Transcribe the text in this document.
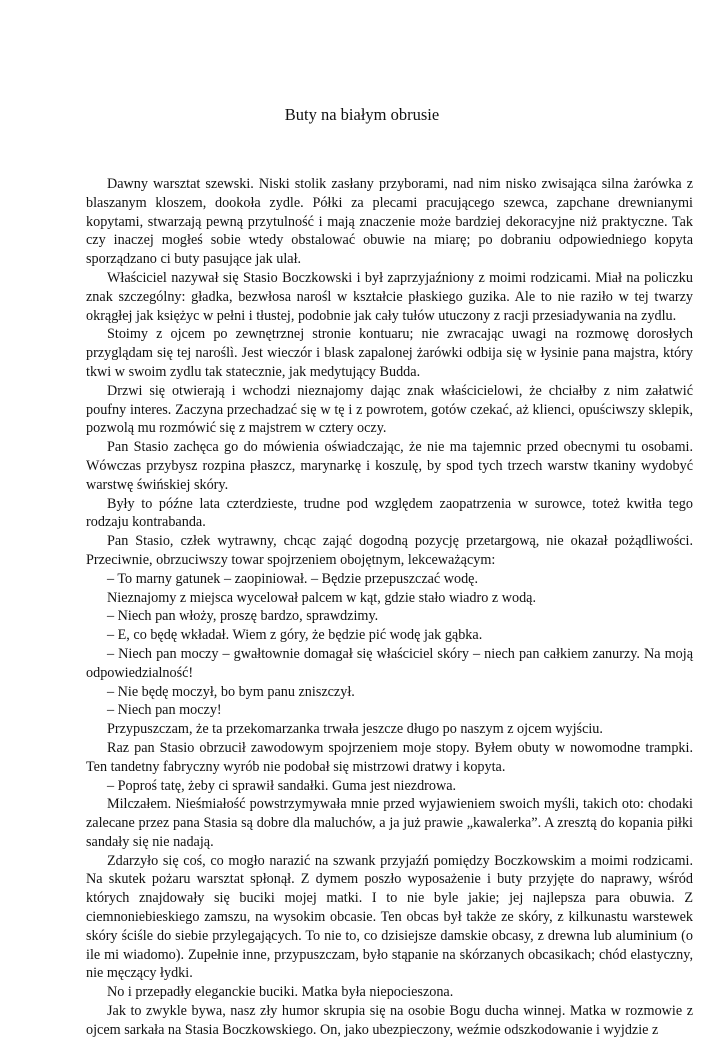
Buty na białym obrusie

Dawny warsztat szewski. Niski stolik zasłany przyborami, nad nim nisko zwisająca silna żarówka z blaszanym kloszem, dookoła zydle. Półki za plecami pracującego szewca, zapchane drewnianymi kopytami, stwarzają pewną przytulność i mają znaczenie może bardziej dekoracyjne niż praktyczne. Tak czy inaczej mogłeś sobie wtedy obstalować obuwie na miarę; po dobraniu odpowiedniego kopyta sporządzano ci buty pasujące jak ulał.

Właściciel nazywał się Stasio Boczkowski i był zaprzyjaźniony z moimi rodzicami. Miał na policzku znak szczególny: gładka, bezwłosa narośl w kształcie płaskiego guzika. Ale to nie raziło w tej twarzy okrągłej jak księżyc w pełni i tłustej, podobnie jak cały tułów utuczony z racji przesiadywania na zydlu.

Stoimy z ojcem po zewnętrznej stronie kontuaru; nie zwracając uwagi na rozmowę dorosłych przyglądam się tej naroślì. Jest wieczór i blask zapalonej żarówki odbija się w łysinie pana majstra, który tkwi w swoim zydlu tak statecznie, jak medytujący Budda.

Drzwi się otwierają i wchodzi nieznajomy dając znak właścicielowi, że chciałby z nim załatwić poufny interes. Zaczyna przechadzać się w tę i z powrotem, gotów czekać, aż klienci, opuściwszy sklepik, pozwolą mu rozmówić się z majstrem w cztery oczy.

Pan Stasio zachęca go do mówienia oświadczając, że nie ma tajemnic przed obecnymi tu osobami. Wówczas przybysz rozpina płaszcz, marynarkę i koszulę, by spod tych trzech warstw tkaniny wydobyć warstwę świńskiej skóry.

Były to późne lata czterdzieste, trudne pod względem zaopatrzenia w surowce, toteż kwitła tego rodzaju kontrabanda.

Pan Stasio, człek wytrawny, chcąc zająć dogodną pozycję przetargową, nie okazał pożądliwości. Przeciwnie, obrzuciwszy towar spojrzeniem obojętnym, lekceważącym:

– To marny gatunek – zaopiniował. – Będzie przepuszczać wodę.

Nieznajomy z miejsca wycelował palcem w kąt, gdzie stało wiadro z wodą.

– Niech pan włoży, proszę bardzo, sprawdzimy.

– E, co będę wkładał. Wiem z góry, że będzie pić wodę jak gąbka.

– Niech pan moczy – gwałtownie domagał się właściciel skóry – niech pan całkiem zanurzy. Na moją odpowiedzialność!

– Nie będę moczył, bo bym panu zniszczył.

– Niech pan moczy!

Przypuszczam, że ta przekomarzanka trwała jeszcze długo po naszym z ojcem wyjściu.

Raz pan Stasio obrzucił zawodowym spojrzeniem moje stopy. Byłem obuty w nowomodne trampki. Ten tandetny fabryczny wyrób nie podobał się mistrzowi dratwy i kopyta.

– Poproś tatę, żeby ci sprawił sandałki. Guma jest niezdrowa.

Milczałem. Nieśmiałość powstrzymywała mnie przed wyjawieniem swoich myśli, takich oto: chodaki zalecane przez pana Stasia są dobre dla maluchów, a ja już prawie „kawalerka”. A zresztą do kopania piłki sandały się nie nadają.

Zdarzyło się coś, co mogło narazić na szwank przyjaźń pomiędzy Boczkowskim a moimi rodzicami. Na skutek pożaru warsztat spłonął. Z dymem poszło wyposażenie i buty przyjęte do naprawy, wśród których znajdowały się buciki mojej matki. I to nie byle jakie; jej najlepsza para obuwia. Z ciemnoniebieskiego zamszu, na wysokim obcasie. Ten obcas był także ze skóry, z kilkunastu warstewek skóry ściśle do siebie przylegających. To nie to, co dzisiejsze damskie obcasy, z drewna lub aluminium (o ile mi wiadomo). Zupełnie inne, przypuszczam, było stąpanie na skórzanych obcasikach; chód elastyczny, nie męczący łydki.

No i przepadły eleganckie buciki. Matka była niepocieszona.

Jak to zwykle bywa, nasz zły humor skrupia się na osobie Bogu ducha winnej. Matka w rozmowie z ojcem sarkała na Stasia Boczkowskiego. On, jako ubezpieczony, weźmie odszkodowanie i wyjdzie z
